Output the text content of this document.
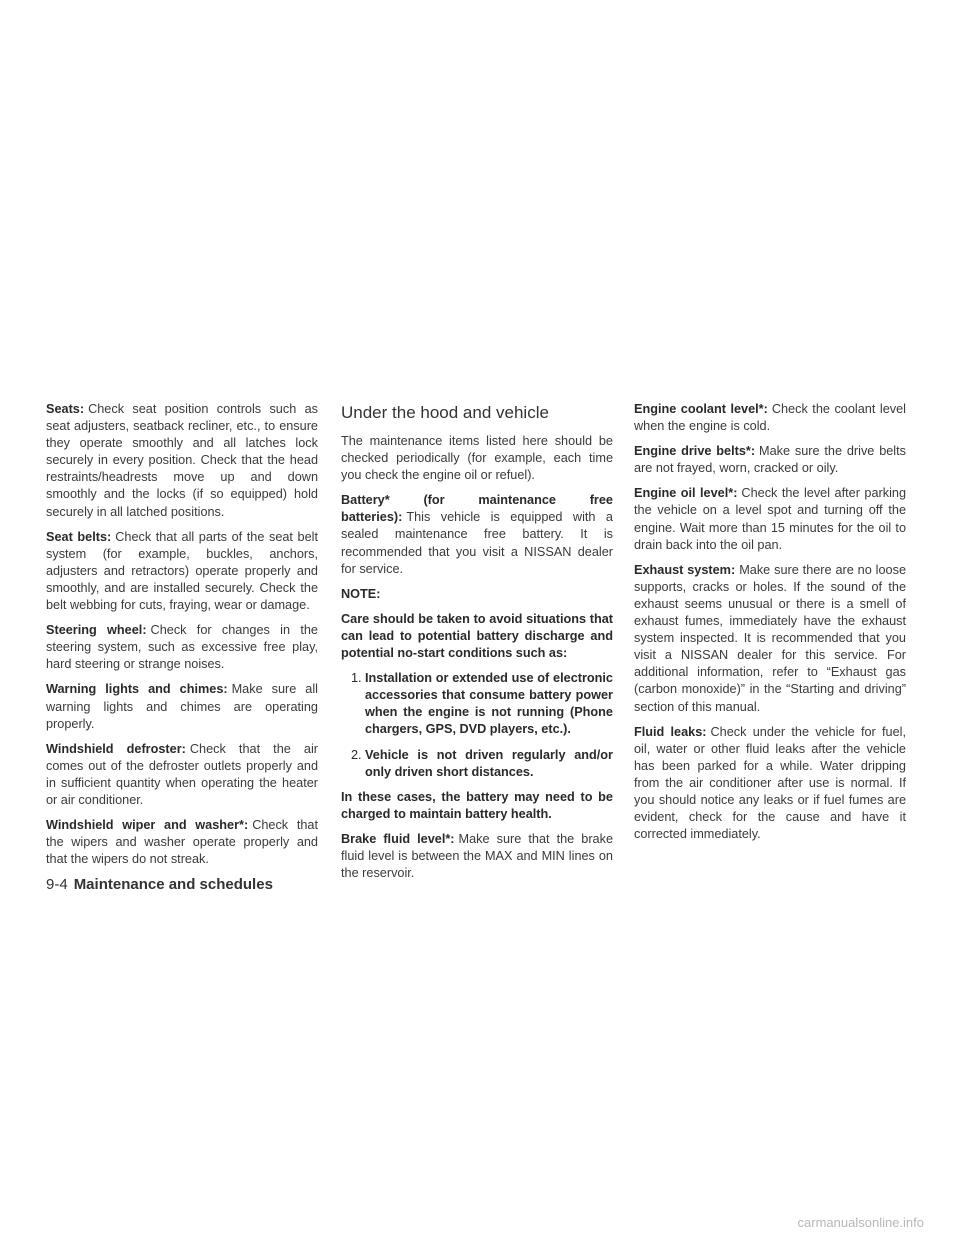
Seats: Check seat position controls such as seat adjusters, seatback recliner, etc., to ensure they operate smoothly and all latches lock securely in every position. Check that the head restraints/headrests move up and down smoothly and the locks (if so equipped) hold securely in all latched positions.

Seat belts: Check that all parts of the seat belt system (for example, buckles, anchors, adjusters and retractors) operate properly and smoothly, and are installed securely. Check the belt webbing for cuts, fraying, wear or damage.

Steering wheel: Check for changes in the steering system, such as excessive free play, hard steering or strange noises.

Warning lights and chimes: Make sure all warning lights and chimes are operating properly.

Windshield defroster: Check that the air comes out of the defroster outlets properly and in sufficient quantity when operating the heater or air conditioner.

Windshield wiper and washer*: Check that the wipers and washer operate properly and that the wipers do not streak.

Under the hood and vehicle

The maintenance items listed here should be checked periodically (for example, each time you check the engine oil or refuel).

Battery* (for maintenance free batteries): This vehicle is equipped with a sealed maintenance free battery. It is recommended that you visit a NISSAN dealer for service.

NOTE:

Care should be taken to avoid situations that can lead to potential battery discharge and potential no-start conditions such as:

1. Installation or extended use of electronic accessories that consume battery power when the engine is not running (Phone chargers, GPS, DVD players, etc.).
2. Vehicle is not driven regularly and/or only driven short distances.

In these cases, the battery may need to be charged to maintain battery health.

Brake fluid level*: Make sure that the brake fluid level is between the MAX and MIN lines on the reservoir.

Engine coolant level*: Check the coolant level when the engine is cold.

Engine drive belts*: Make sure the drive belts are not frayed, worn, cracked or oily.

Engine oil level*: Check the level after parking the vehicle on a level spot and turning off the engine. Wait more than 15 minutes for the oil to drain back into the oil pan.

Exhaust system: Make sure there are no loose supports, cracks or holes. If the sound of the exhaust seems unusual or there is a smell of exhaust fumes, immediately have the exhaust system inspected. It is recommended that you visit a NISSAN dealer for this service. For additional information, refer to “Exhaust gas (carbon monoxide)” in the “Starting and driving” section of this manual.

Fluid leaks: Check under the vehicle for fuel, oil, water or other fluid leaks after the vehicle has been parked for a while. Water dripping from the air conditioner after use is normal. If you should notice any leaks or if fuel fumes are evident, check for the cause and have it corrected immediately.

9-4 Maintenance and schedules
carmanualsonline.info
